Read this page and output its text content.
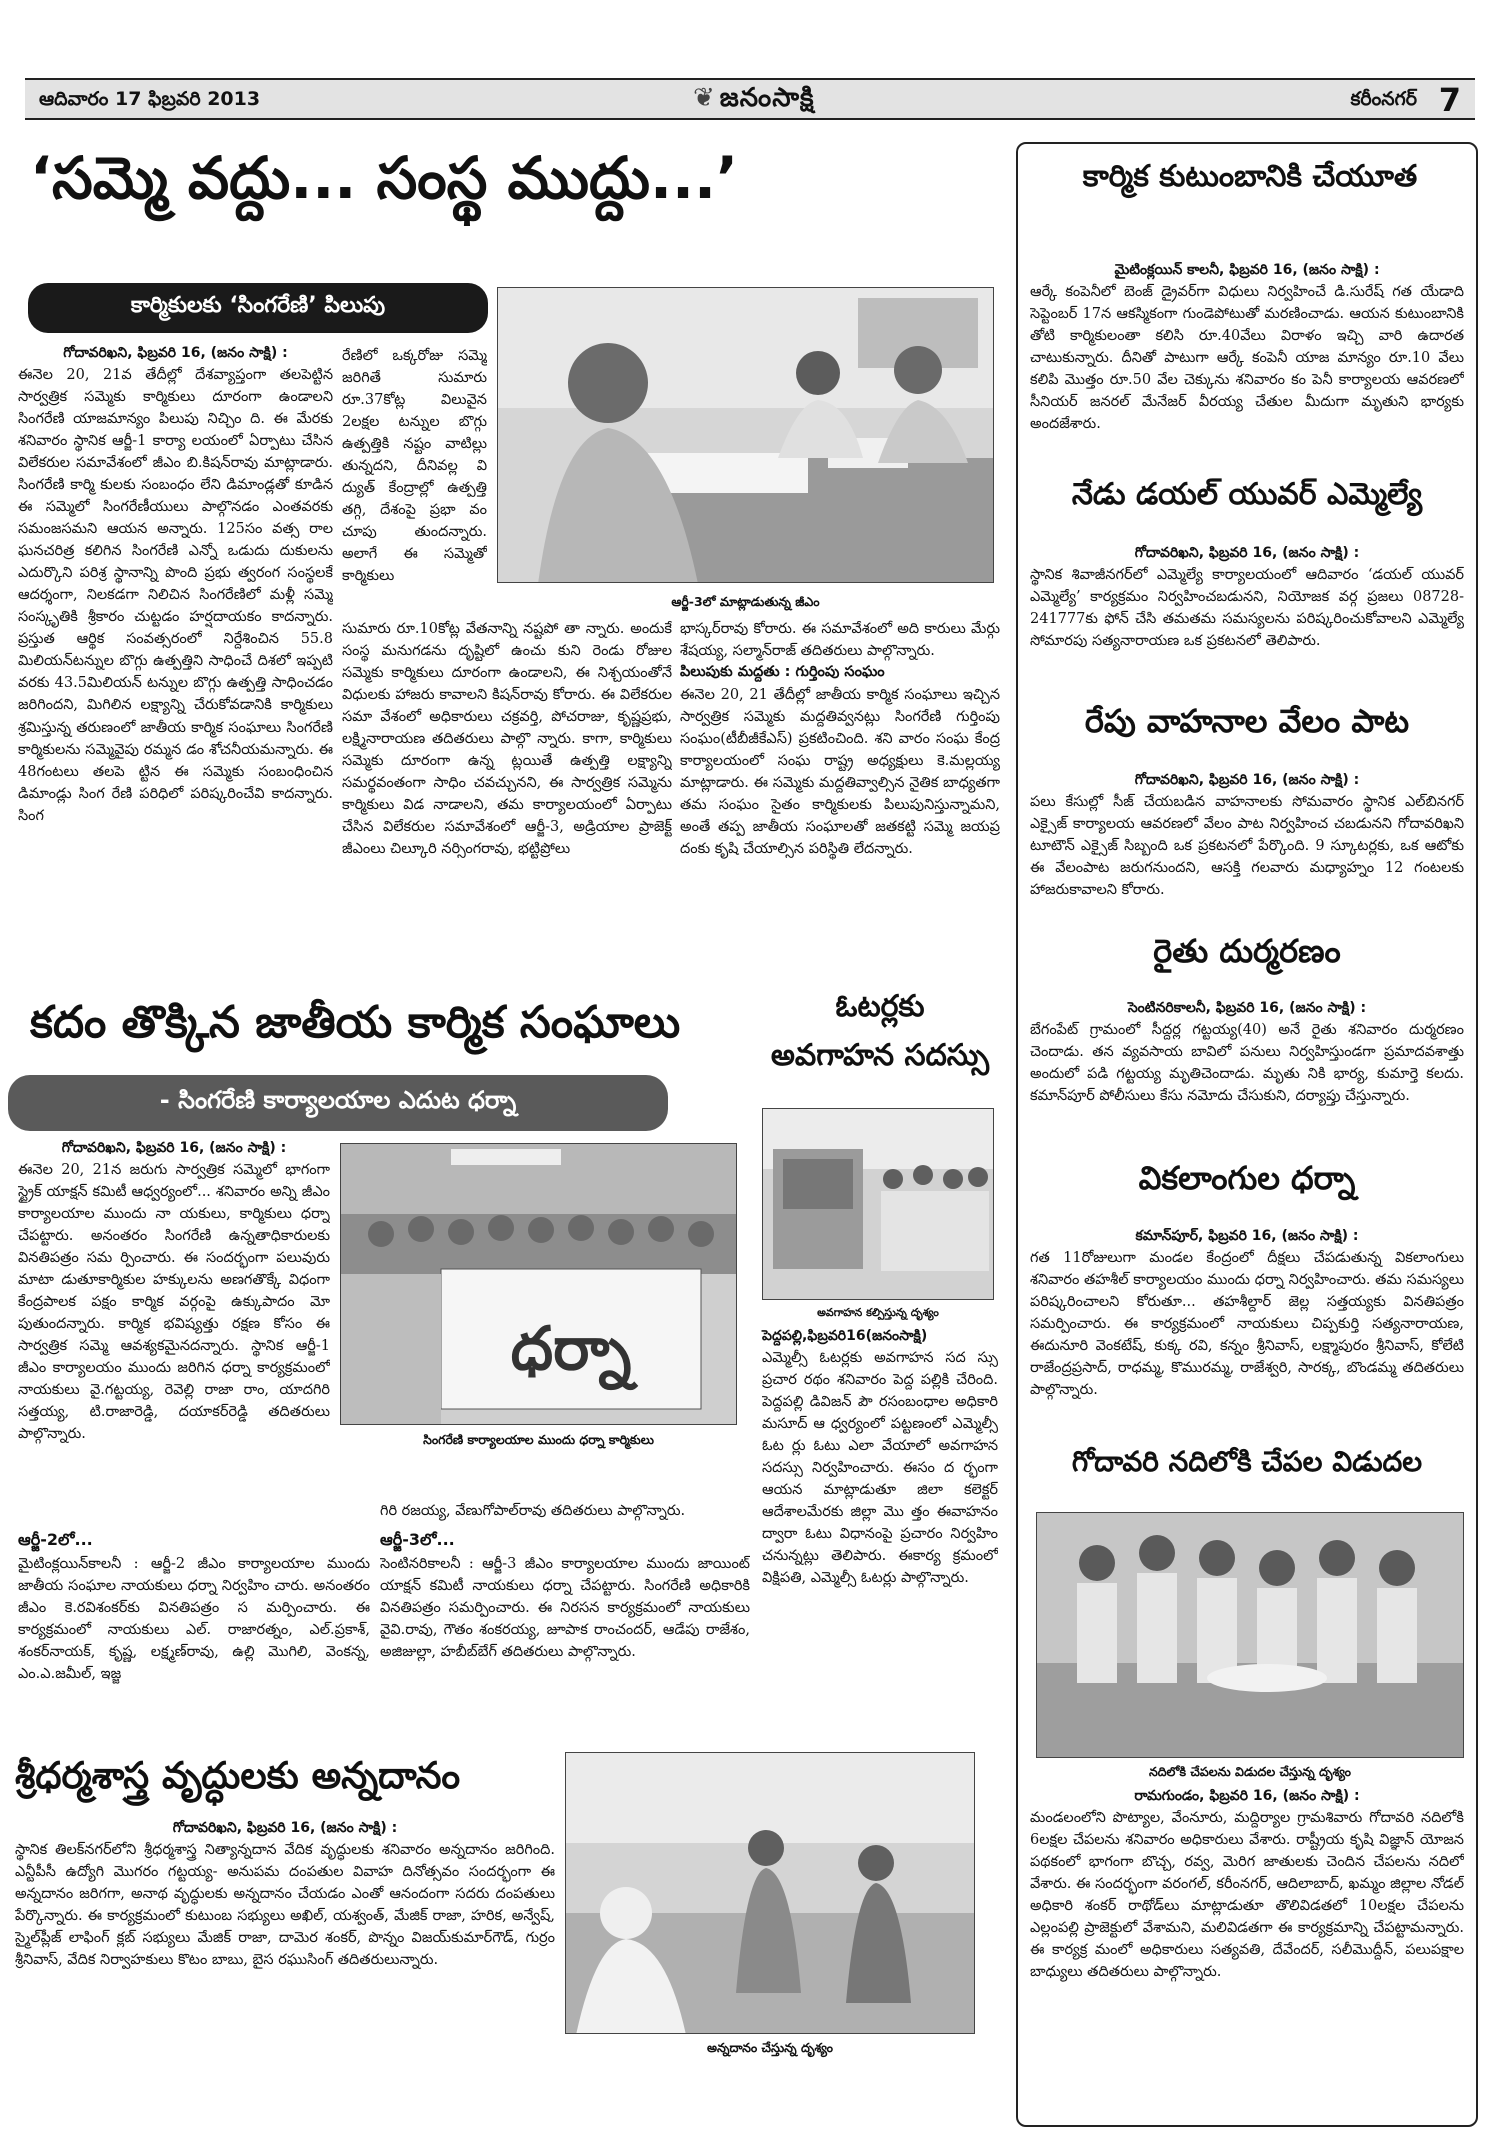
ఆదివారం 17 ఫిబ్రవరి 2013	❦ జనంసాక్షి	కరీంనగర్ 7
‘సమ్మె వద్దు... సంస్థ ముద్దు...’
కార్మికులకు ‘సింగరేణి’ పిలుపు
ఆర్జీ-3లో మాట్లాడుతున్న జీఎం
గోదావరిఖని, ఫిబ్రవరి 16, (జనం సాక్షి) :

ఈనెల 20, 21వ తేదీల్లో దేశవ్యాప్తంగా తలపెట్టిన సార్వత్రిక సమ్మెకు కార్మికులు దూరంగా ఉండాలని సింగరేణి యాజమాన్యం పిలుపు నిచ్చిం ది. ఈ మేరకు శనివారం స్థానిక ఆర్జీ-1 కార్యా లయంలో ఏర్పాటు చేసిన విలేకరుల సమావేశంలో జీఎం బి.కిషన్‌రావు మాట్లాడారు. సింగరేణి కార్మి కులకు సంబంధం లేని డిమాండ్లతో కూడిన ఈ సమ్మెలో సింగరేణీయులు పాల్గొనడం ఎంతవరకు సమంజసమని ఆయన అన్నారు. 125సం వత్స రాల ఘనచరిత్ర కలిగిన సింగరేణి ఎన్నో ఒడుదు దుకులను ఎదుర్కొని పరిశ్ర స్థానాన్ని పొంది ప్రభు త్వరంగ సంస్థలకే ఆదర్శంగా, నిలకడగా నిలిచిన సింగరేణిలో మళ్లీ సమ్మె సంస్కృతికి శ్రీకారం చుట్టడం హర్షదాయకం కాదన్నారు. ప్రస్తుత ఆర్థిక సంవత్సరంలో నిర్దేశించిన 55.8 మిలియన్‌టన్నుల బొగ్గు ఉత్పత్తిని సాధించే దిశలో ఇప్పటి వరకు 43.5మిలియన్ టన్నుల బొగ్గు ఉత్పత్తి సాధించడం జరిగిందని, మిగిలిన లక్ష్యాన్ని చేరుకోవడానికి కార్మికులు శ్రమిస్తున్న తరుణంలో జాతీయ కార్మిక సంఘాలు సింగరేణి కార్మికులను సమ్మెవైపు రమ్మన డం శోచనీయమన్నారు. ఈ 48గంటలు తలపె ట్టిన ఈ సమ్మెకు సంబంధించిన డిమాండ్లు సింగ రేణి పరిధిలో పరిష్కరించేవి కాదన్నారు. సింగ

రేణిలో ఒక్కరోజు సమ్మె జరిగితే సుమారు రూ.37కోట్ల విలువైన 2లక్షల టన్నుల బొగ్గు ఉత్పత్తికి నష్టం వాటిల్లు తున్నదని, దీనివల్ల వి ద్యుత్ కేంద్రాల్లో ఉత్పత్తి తగ్గి, దేశంపై ప్రభా వం చూపు తుందన్నారు. అలాగే ఈ సమ్మెతో కార్మికులు

సుమారు రూ.10కోట్ల వేతనాన్ని నష్టపో తా న్నారు. అందుకే సంస్థ మనుగడను దృష్టిలో ఉంచు కుని రెండు రోజుల సమ్మెకు కార్మికులు దూరంగా ఉండాలని, ఈ నిశ్చయంతోనే విధులకు హాజరు కావాలని కిషన్‌రావు కోరారు. ఈ విలేకరుల సమా వేశంలో అధికారులు చక్రవర్తి, పోచరాజు, కృష్ణప్రభు, లక్ష్మినారాయణ తదితరులు పాల్గొ న్నారు. కాగా, కార్మికులు సమ్మెకు దూరంగా ఉన్న ట్లయితే ఉత్పత్తి లక్ష్యాన్ని సమర్థవంతంగా సాధిం చవచ్చునని, ఈ సార్వత్రిక సమ్మెను కార్మికులు విడ నాడాలని, తమ కార్యాలయంలో ఏర్పాటు చేసిన విలేకరుల సమావేశంలో ఆర్జీ-3, అడ్రియాల ప్రాజెక్ట్ జీఎంలు చిల్కూరి నర్సింగరావు, భట్టిప్రోలు

భాస్కర్‌రావు కోరారు. ఈ సమావేశంలో అది కారులు మేర్గు శేషయ్య, సల్మాన్‌రాజ్ తదితరులు పాల్గొన్నారు.

పిలుపుకు మద్దతు : గుర్తింపు సంఘం

ఈనెల 20, 21 తేదీల్లో జాతీయ కార్మిక సంఘాలు ఇచ్చిన సార్వత్రిక సమ్మెకు మద్దతివ్వనట్లు సింగరేణి గుర్తింపు సంఘం(టీబీజీకేఎస్) ప్రకటించింది. శని వారం సంఘ కేంద్ర కార్యాలయంలో సంఘ రాష్ట్ర అధ్యక్షులు కె.మల్లయ్య మాట్లాడారు. ఈ సమ్మెకు మద్దతివ్వాల్సిన నైతిక బాధ్యతగా తమ సంఘం సైతం కార్మికులకు పిలుపునిస్తున్నామని, అంతే తప్ప జాతీయ సంఘాలతో జతకట్టి సమ్మె జయప్ర దంకు కృషి చేయాల్సిన పరిస్థితి లేదన్నారు.

కదం తొక్కిన జాతీయ కార్మిక సంఘాలు
- సింగరేణి కార్యాలయాల ఎదుట ధర్నా
గోదావరిఖని, ఫిబ్రవరి 16, (జనం సాక్షి) :

ఈనెల 20, 21న జరుగు సార్వత్రిక సమ్మెలో భాగంగా స్ట్రైక్ యాక్షన్ కమిటీ ఆధ్వర్యంలో... శనివారం అన్ని జీఎం కార్యాలయాల ముందు నా యకులు, కార్మికులు ధర్నా చేపట్టారు. అనంతరం సింగరేణి ఉన్నతాధికారులకు వినతిపత్రం సమ ర్పించారు. ఈ సందర్భంగా పలువురు మాటా డుతూకార్మికుల హక్కులను అణగతొక్కే విధంగా కేంద్రపాలక పక్షం కార్మిక వర్గంపై ఉక్కుపాదం మో పుతుందన్నారు. కార్మిక భవిష్యత్తు రక్షణ కోసం ఈ సార్వత్రిక సమ్మె ఆవశ్యకమైనదన్నారు. స్థానిక ఆర్జీ-1 జీఎం కార్యాలయం ముందు జరిగిన ధర్నా కార్యక్రమంలో నాయకులు వై.గట్టయ్య, రెవెల్లి రాజా రాం, యాదగిరి సత్తయ్య, టి.రాజారెడ్డి, దయాకర్‌రెడ్డి తదితరులు పాల్గొన్నారు.

ధర్నా
సింగరేణి కార్యాలయాల ముందు ధర్నా కార్మికులు

గిరి రజయ్య, వేణుగోపాల్‌రావు తదితరులు పాల్గొన్నారు.

ఆర్జీ-2లో...

మైటింక్లయిన్‌కాలనీ : ఆర్జీ-2 జీఎం కార్యాలయాల ముందు జాతీయ సంఘాల నాయకులు ధర్నా నిర్వహిం చారు. అనంతరం జీఎం కె.రవిశంకర్‌కు వినతిపత్రం స మర్పించారు. ఈ కార్యక్రమంలో నాయకులు ఎల్. రాజారత్నం, ఎల్.ప్రకాశ్, శంకర్‌నాయక్, కృష్ణ, లక్ష్మణ్‌రావు, ఉల్లి మొగిలి, వెంకన్న, ఎం.ఎ.జమీల్, ఇజ్జ

ఆర్జీ-3లో...

సెంటినరికాలనీ : ఆర్జీ-3 జీఎం కార్యాలయాల ముందు జాయింట్ యాక్షన్ కమిటీ నాయకులు ధర్నా చేపట్టారు. సింగరేణి అధికారికి వినతిపత్రం సమర్పించారు. ఈ నిరసన కార్యక్రమంలో నాయకులు వైవి.రావు, గౌతం శంకరయ్య, జూపాక రాంచందర్, ఆడేపు రాజేశం, అజిజుల్లా, హబీబ్‌బేగ్ తదితరులు పాల్గొన్నారు.

ఓటర్లకు
అవగాహన సదస్సు
అవగాహన కల్పిస్తున్న దృశ్యం
పెద్దపల్లి,ఫిబ్రవరి16(జనంసాక్షి)

ఎమ్మెల్సీ ఓటర్లకు అవగాహన సద స్సు ప్రచార రథం శనివారం పెద్ద పల్లికి చేరింది. పెద్దపల్లి డివిజన్ పౌ రసంబంధాల అధికారి మసూద్ ఆ ధ్వర్యంలో పట్టణంలో ఎమ్మెల్సీ ఓట ర్లు ఓటు ఎలా వేయాలో అవగాహన సదస్సు నిర్వహించారు. ఈసం ద ర్భంగా ఆయన మాట్లాడుతూ జిలా కలెక్టర్ ఆదేశాలమేరకు జిల్లా మొ త్తం ఈవాహనం ద్వారా ఓటు విధానంపై ప్రచారం నిర్వహిం చనున్నట్లు తెలిపారు. ఈకార్య క్రమంలో విక్షిపతి, ఎమ్మెల్సీ ఓటర్లు పాల్గొన్నారు.

శ్రీధర్మశాస్త్ర వృద్ధులకు అన్నదానం
గోదావరిఖని, ఫిబ్రవరి 16, (జనం సాక్షి) :

స్థానిక తిలక్‌నగర్‌లోని శ్రీధర్మశాస్త్ర నిత్యాన్నదాన వేదిక వృద్ధులకు శనివారం అన్నదానం జరిగింది. ఎన్టీపీసీ ఉద్యోగి మొగరం గట్టయ్య- అనుపమ దంపతుల వివాహ దినోత్సవం సందర్భంగా ఈ అన్నదానం జరిగగా, అనాథ వృద్ధులకు అన్నదానం చేయడం ఎంతో ఆనందంగా సదరు దంపతులు పేర్కొన్నారు. ఈ కార్యక్రమంలో కుటుంబ సభ్యులు అఖిల్, యశ్వంత్, మేజిక్ రాజా, హరిక, అన్వేష్, స్మైల్‌ప్లీజ్ లాఫింగ్ క్లబ్ సభ్యులు మేజిక్ రాజా, దామెర శంకర్, పొన్నం విజయ్‌కుమార్‌గౌడ్, గుర్రం శ్రీనివాస్, వేదిక నిర్వాహకులు కొటం బాబు, బైస రఘుసింగ్ తదితరులున్నారు.

అన్నదానం చేస్తున్న దృశ్యం
కార్మిక కుటుంబానికి చేయూత
మైటింక్లయిన్ కాలనీ, ఫిబ్రవరి 16, (జనం సాక్షి) :

ఆర్కే కంపెనీలో బెంజ్ డ్రైవర్‌గా విధులు నిర్వహించే డి.సురేష్ గత యేడాది సెప్టెంబర్ 17న ఆకస్మికంగా గుండెపోటుతో మరణించాడు. ఆయన కుటుంబానికి తోటి కార్మికులంతా కలిసి రూ.40వేలు విరాళం ఇచ్చి వారి ఉదారత చాటుకున్నారు. దీనితో పాటుగా ఆర్కే కంపెనీ యాజ మాన్యం రూ.10 వేలు కలిపి మొత్తం రూ.50 వేల చెక్కును శనివారం కం పెనీ కార్యాలయ ఆవరణలో సీనియర్ జనరల్ మేనేజర్ వీరయ్య చేతుల మీదుగా మృతుని భార్యకు అందజేశారు.

నేడు డయల్ యువర్ ఎమ్మెల్యే
గోదావరిఖని, ఫిబ్రవరి 16, (జనం సాక్షి) :

స్థానిక శివాజీనగర్‌లో ఎమ్మెల్యే కార్యాలయంలో ఆదివారం ‘డయల్ యువర్ ఎమ్మెల్యే’ కార్యక్రమం నిర్వహించబడునని, నియోజక వర్గ ప్రజలు 08728-241777కు ఫోన్ చేసి తమతమ సమస్యలను పరిష్కరించుకోవాలని ఎమ్మెల్యే సోమారపు సత్యనారాయణ ఒక ప్రకటనలో తెలిపారు.

రేపు వాహనాల వేలం పాట
గోదావరిఖని, ఫిబ్రవరి 16, (జనం సాక్షి) :

పలు కేసుల్లో సీజ్ చేయబడిన వాహనాలకు సోమవారం స్థానిక ఎల్‌బినగర్ ఎక్సైజ్ కార్యాలయ ఆవరణలో వేలం పాట నిర్వహించ చబడునని గోదావరిఖని టూటౌన్ ఎక్సైజ్ సిబ్బంది ఒక ప్రకటనలో పేర్కొంది. 9 స్కూటర్లకు, ఒక ఆటోకు ఈ వేలంపాట జరుగనుందని, ఆసక్తి గలవారు మధ్యాహ్నం 12 గంటలకు హాజరుకావాలని కోరారు.

రైతు దుర్మరణం
సెంటినరికాలనీ, ఫిబ్రవరి 16, (జనం సాక్షి) :

బేగంపేట్ గ్రామంలో సీద్దర్ల గట్టయ్య(40) అనే రైతు శనివారం దుర్మరణం చెందాడు. తన వ్యవసాయ బావిలో పనులు నిర్వహిస్తుండగా ప్రమాదవశాత్తు అందులో పడి గట్టయ్య మృతిచెందాడు. మృతు నికి భార్య, కుమార్తె కలదు. కమాన్‌పూర్ పోలీసులు కేసు నమోదు చేసుకుని, దర్యాప్తు చేస్తున్నారు.

వికలాంగుల ధర్నా
కమాన్‌పూర్, ఫిబ్రవరి 16, (జనం సాక్షి) :

గత 11రోజులుగా మండల కేంద్రంలో దీక్షలు చేపడుతున్న వికలాంగులు శనివారం తహశీల్ కార్యాలయం ముందు ధర్నా నిర్వహించారు. తమ సమస్యలు పరిష్కరించాలని కోరుతూ... తహశీల్దార్ జెల్ల సత్తయ్యకు వినతిపత్రం సమర్పించారు. ఈ కార్యక్రమంలో నాయకులు చిప్పకుర్తి సత్యనారాయణ, ఈదునూరి వెంకటేష్, కుక్క రవి, కన్నం శ్రీనివాస్, లక్ష్మాపురం శ్రీనివాస్, కోలేటి రాజేంద్రప్రసాద్, రాధమ్మ, కొమురమ్మ, రాజేశ్వరి, సారక్క, బొండమ్మ తదితరులు పాల్గొన్నారు.

గోదావరి నదిలోకి చేపల విడుదల
నదిలోకి చేపలను విడుదల చేస్తున్న దృశ్యం
రామగుండం, ఫిబ్రవరి 16, (జనం సాక్షి) :

మండలంలోని పొట్యాల, వేంనూరు, మద్దిర్యాల గ్రామశివారు గోదావరి నదిలోకి 6లక్షల చేపలను శనివారం అధికారులు వేశారు. రాష్ట్రీయ కృషి విజ్ఞాన్ యోజన పథకంలో భాగంగా బొచ్చ, రవ్వ, మెరిగ జాతులకు చెందిన చేపలను నదిలో వేశారు. ఈ సందర్భంగా వరంగల్, కరీంనగర్, ఆదిలాబాద్, ఖమ్మం జిల్లాల నోడల్ అధికారి శంకర్ రాథోడ్‌లు మాట్లాడుతూ తొలివిడతలో 10లక్షల చేపలను ఎల్లంపల్లి ప్రాజెక్టులో వేశామని, మలివిడతగా ఈ కార్యక్రమాన్ని చేపట్టామన్నారు. ఈ కార్యక్ర మంలో అధికారులు సత్యవతి, దేవేందర్, సలీమొద్దీన్, పలుపక్షాల బాధ్యులు తదితరులు పాల్గొన్నారు.
